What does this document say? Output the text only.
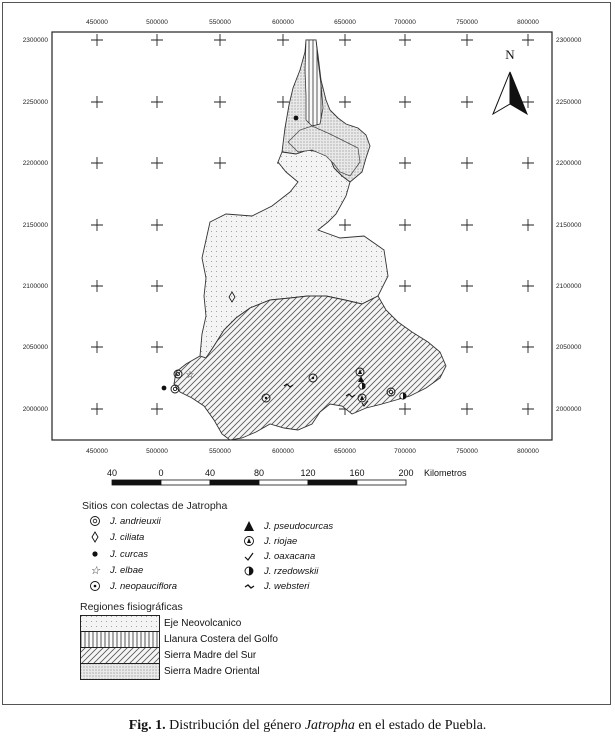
N
☆
450000
450000
500000
500000
550000
550000
600000
600000
650000
650000
700000
700000
750000
750000
800000
800000
2300000	2300000
2250000	2250000
2200000	2200000
2150000	2150000
2100000	2100000
2050000	2050000
2000000	2000000
40	0	40	80	120	160	200 Kilometros
Sitios con colectas de Jatropha
J. andrieuxii
J. ciliata
J. curcas
☆ J. elbae
J. neopauciflora
J. pseudocurcas
J. riojae
J. oaxacana
J. rzedowskii
J. websteri
Regiones fisiográficas
Eje Neovolcanico
Llanura Costera del Golfo
Sierra Madre del Sur
Sierra Madre Oriental
Fig. 1. Distribución del género Jatropha en el estado de Puebla.
